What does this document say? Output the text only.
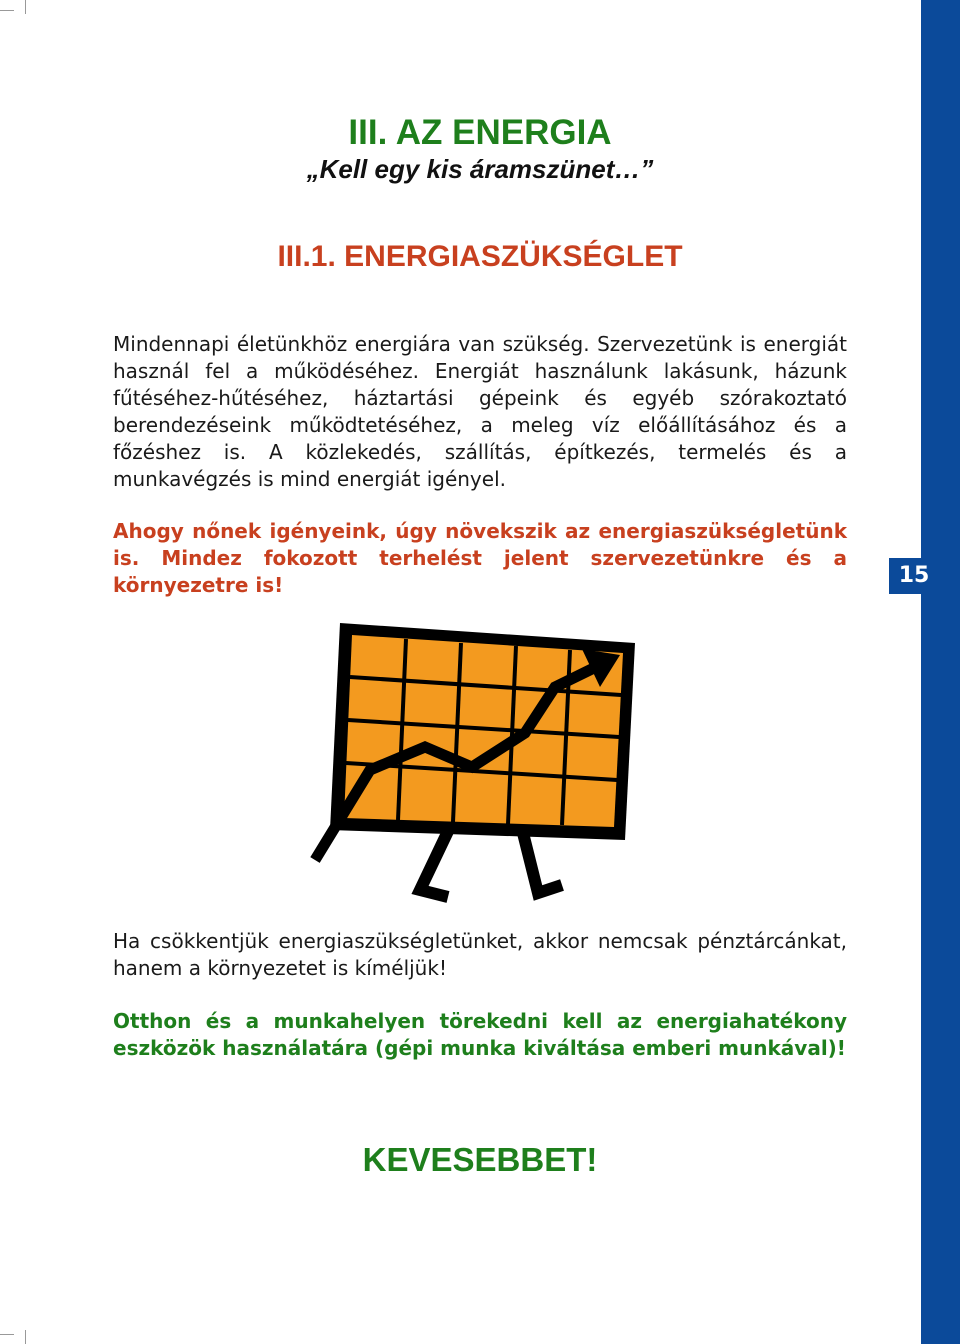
15
III. AZ ENERGIA
„Kell egy kis áramszünet…”
III.1. ENERGIASZÜKSÉGLET
Mindennapi életünkhöz energiára van szükség. Szervezetünk is energiát használ fel a működéséhez. Energiát használunk lakásunk, házunk fűtéséhez-hűtéséhez, háztartási gépeink és egyéb szórakoztató berendezéseink működtetéséhez, a meleg víz előállításához és a főzéshez is. A közlekedés, szállítás, építkezés, termelés és a munkavégzés is mind energiát igényel.
Ahogy nőnek igényeink, úgy növekszik az energiaszükségletünk is. Mindez fokozott terhelést jelent szervezetünkre és a környezetre is!
Ha csökkentjük energiaszükségletünket, akkor nemcsak pénztárcánkat, hanem a környezetet is kíméljük!
Otthon és a munkahelyen törekedni kell az energiahatékony eszközök használatára (gépi munka kiváltása emberi munkával)!
KEVESEBBET!
